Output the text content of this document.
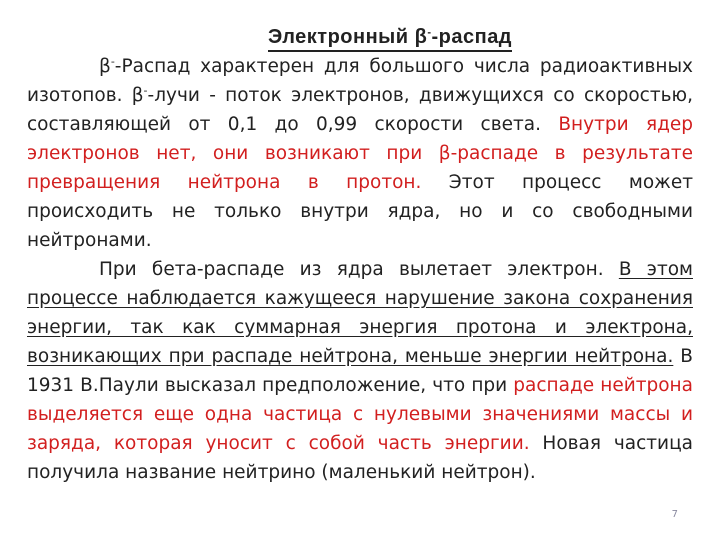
Электронный β--распад

β--Распад характерен для большого числа радиоактивных изотопов. β--лучи - поток электронов, движущихся со скоростью, составляющей от 0,1 до 0,99 скорости света. Внутри ядер электронов нет, они возникают при β-распаде в результате превращения нейтрона в протон. Этот процесс может происходить не только внутри ядра, но и со свободными нейтронами.

При бета-распаде из ядра вылетает электрон. В этом процессе наблюдается кажущееся нарушение закона сохранения энергии, так как суммарная энергия протона и электрона, возникающих при распаде нейтрона, меньше энергии нейтрона. В 1931 В.Паули высказал предположение, что при распаде нейтрона выделяется еще одна частица с нулевыми значениями массы и заряда, которая уносит с собой часть энергии. Новая частица получила название нейтрино (маленький нейтрон).

7
